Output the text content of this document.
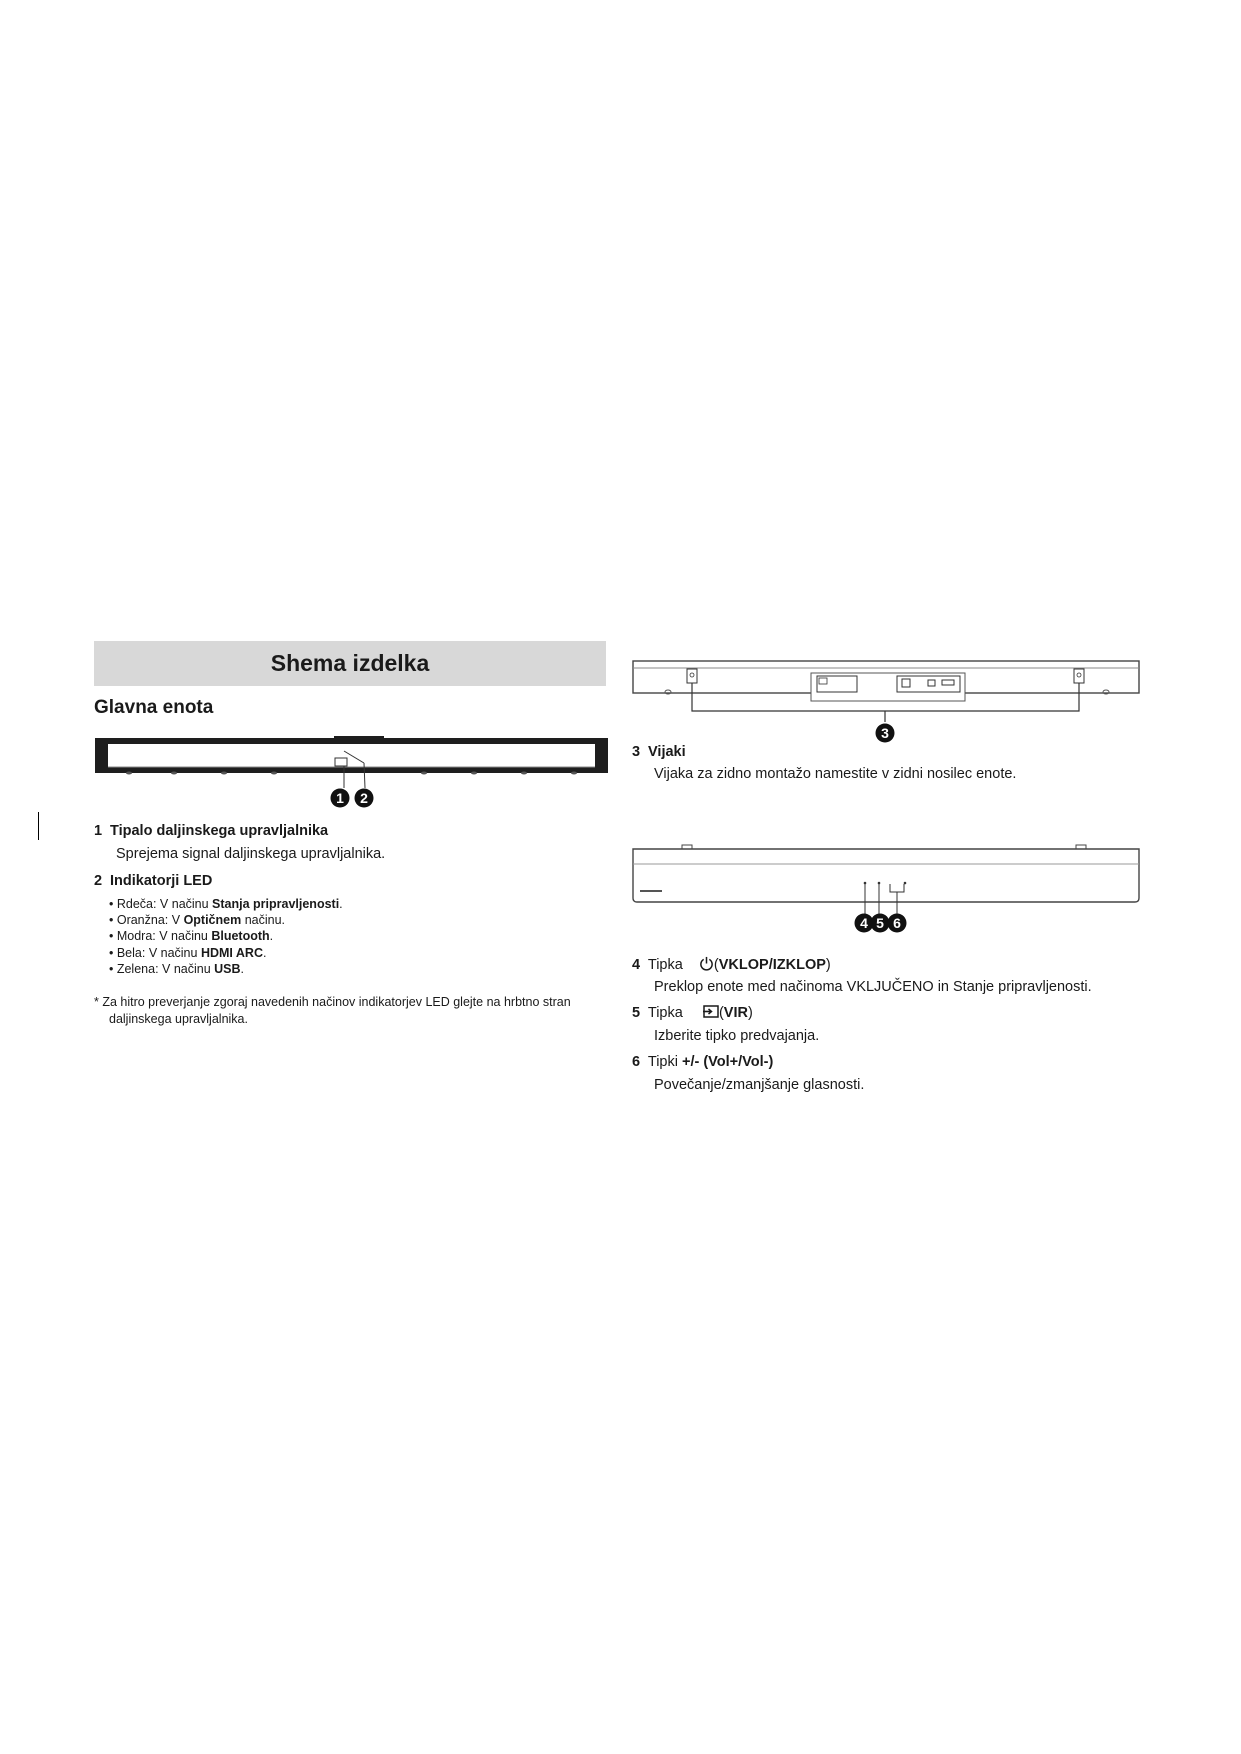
Shema izdelka
Glavna enota
1 2
1 Tipalo daljinskega upravljalnika
Sprejema signal daljinskega upravljalnika.
2 Indikatorji LED
• Rdeča: V načinu Stanja pripravljenosti.
• Oranžna: V Optičnem načinu.
• Modra: V načinu Bluetooth.
• Bela: V načinu HDMI ARC.
• Zelena: V načinu USB.
* Za hitro preverjanje zgoraj navedenih načinov indikatorjev LED glejte na hrbtno stran
daljinskega upravljalnika.
3
3 Vijaki
Vijaka za zidno montažo namestite v zidni nosilec enote.
4 5 6
4 Tipka (VKLOP/IZKLOP)
Preklop enote med načinoma VKLJUČENO in Stanje pripravljenosti.
5 Tipka (VIR)
Izberite tipko predvajanja.
6 Tipki +/- (Vol+/Vol-)
Povečanje/zmanjšanje glasnosti.
